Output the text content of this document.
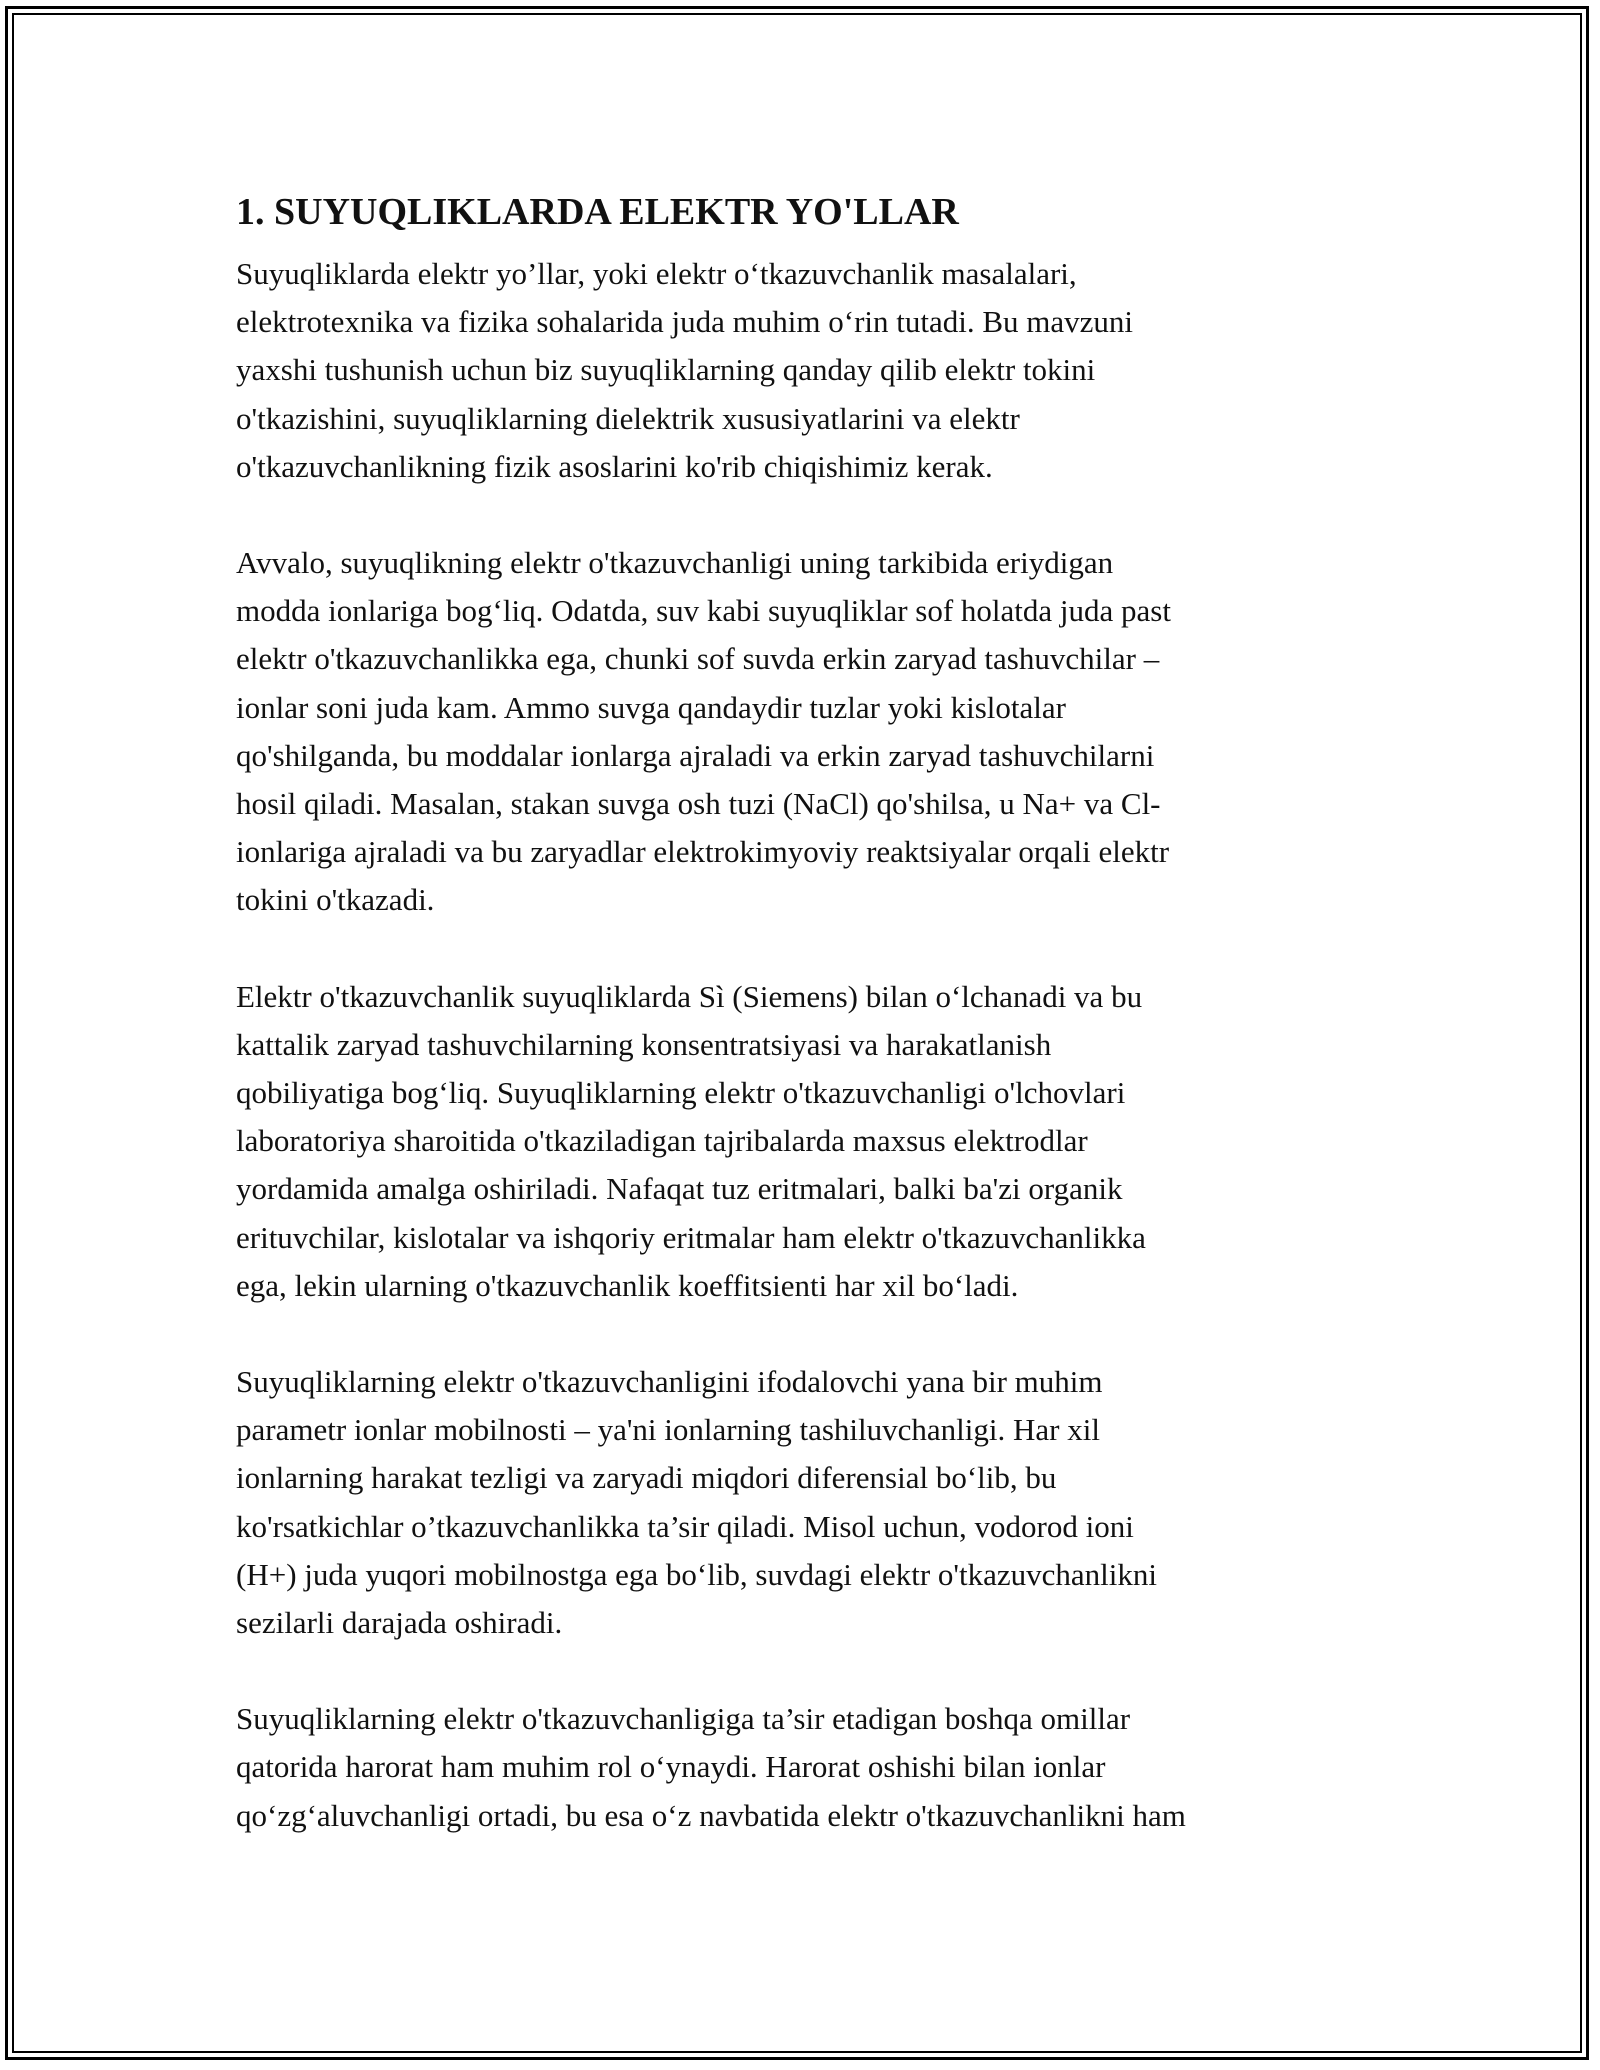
1. SUYUQLIKLARDA ELEKTR YO'LLAR
Suyuqliklarda elektr yo’llar, yoki elektr o‘tkazuvchanlik masalalari,
elektrotexnika va fizika sohalarida juda muhim o‘rin tutadi. Bu mavzuni
yaxshi tushunish uchun biz suyuqliklarning qanday qilib elektr tokini
o'tkazishini, suyuqliklarning dielektrik xususiyatlarini va elektr
o'tkazuvchanlikning fizik asoslarini ko'rib chiqishimiz kerak.
Avvalo, suyuqlikning elektr o'tkazuvchanligi uning tarkibida eriydigan
modda ionlariga bog‘liq. Odatda, suv kabi suyuqliklar sof holatda juda past
elektr o'tkazuvchanlikka ega, chunki sof suvda erkin zaryad tashuvchilar –
ionlar soni juda kam. Ammo suvga qandaydir tuzlar yoki kislotalar
qo'shilganda, bu moddalar ionlarga ajraladi va erkin zaryad tashuvchilarni
hosil qiladi. Masalan, stakan suvga osh tuzi (NaCl) qo'shilsa, u Na+ va Cl-
ionlariga ajraladi va bu zaryadlar elektrokimyoviy reaktsiyalar orqali elektr
tokini o'tkazadi.
Elektr o'tkazuvchanlik suyuqliklarda Sì (Siemens) bilan o‘lchanadi va bu
kattalik zaryad tashuvchilarning konsentratsiyasi va harakatlanish
qobiliyatiga bog‘liq. Suyuqliklarning elektr o'tkazuvchanligi o'lchovlari
laboratoriya sharoitida o'tkaziladigan tajribalarda maxsus elektrodlar
yordamida amalga oshiriladi. Nafaqat tuz eritmalari, balki ba'zi organik
erituvchilar, kislotalar va ishqoriy eritmalar ham elektr o'tkazuvchanlikka
ega, lekin ularning o'tkazuvchanlik koeffitsienti har xil bo‘ladi.
Suyuqliklarning elektr o'tkazuvchanligini ifodalovchi yana bir muhim
parametr ionlar mobilnosti – ya'ni ionlarning tashiluvchanligi. Har xil
ionlarning harakat tezligi va zaryadi miqdori diferensial bo‘lib, bu
ko'rsatkichlar o’tkazuvchanlikka ta’sir qiladi. Misol uchun, vodorod ioni
(H+) juda yuqori mobilnostga ega bo‘lib, suvdagi elektr o'tkazuvchanlikni
sezilarli darajada oshiradi.
Suyuqliklarning elektr o'tkazuvchanligiga ta’sir etadigan boshqa omillar
qatorida harorat ham muhim rol o‘ynaydi. Harorat oshishi bilan ionlar
qo‘zg‘aluvchanligi ortadi, bu esa o‘z navbatida elektr o'tkazuvchanlikni ham
